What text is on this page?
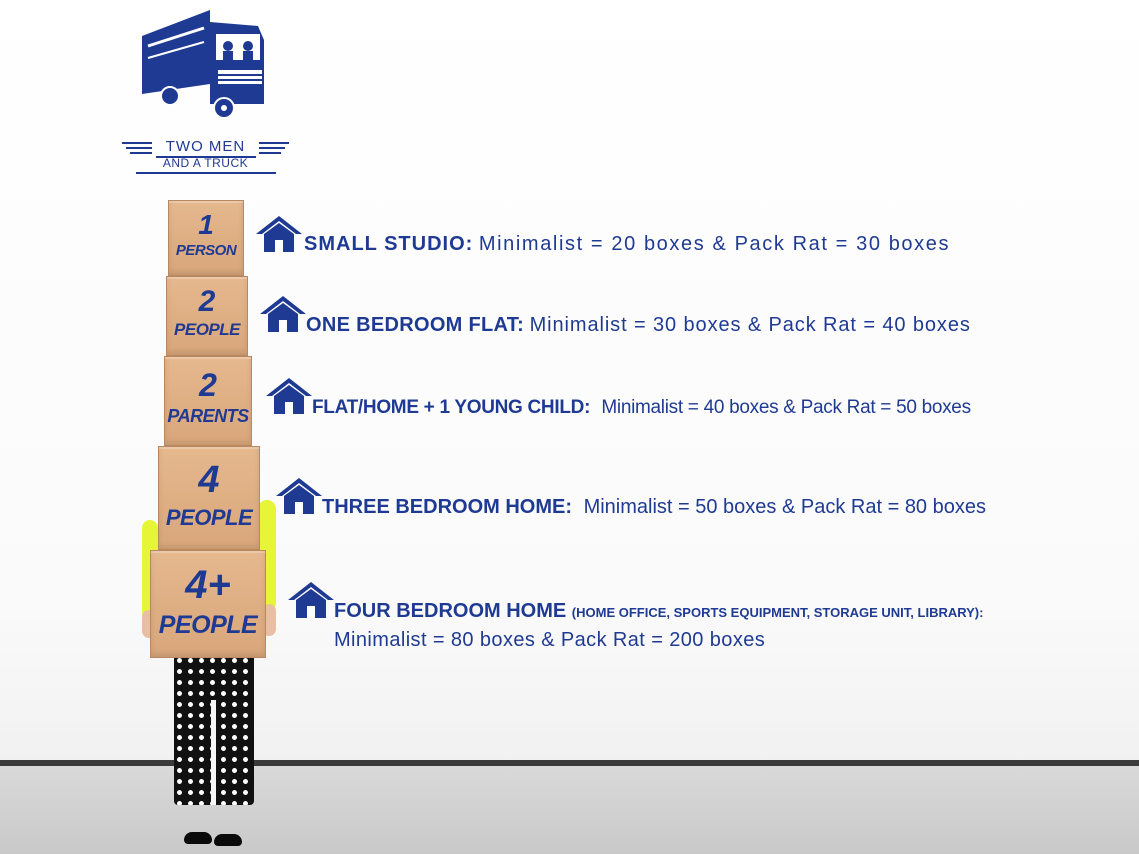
TWO MEN
AND A TRUCK
1
PERSON
2
PEOPLE
2
PARENTS
4
PEOPLE
4+
PEOPLE
SMALL STUDIO: Minimalist = 20 boxes & Pack Rat = 30 boxes
ONE BEDROOM FLAT: Minimalist = 30 boxes & Pack Rat = 40 boxes
FLAT/HOME + 1 YOUNG CHILD: Minimalist = 40 boxes & Pack Rat = 50 boxes
THREE BEDROOM HOME: Minimalist = 50 boxes & Pack Rat = 80 boxes
FOUR BEDROOM HOME (HOME OFFICE, SPORTS EQUIPMENT, STORAGE UNIT, LIBRARY):
Minimalist = 80 boxes & Pack Rat = 200 boxes
